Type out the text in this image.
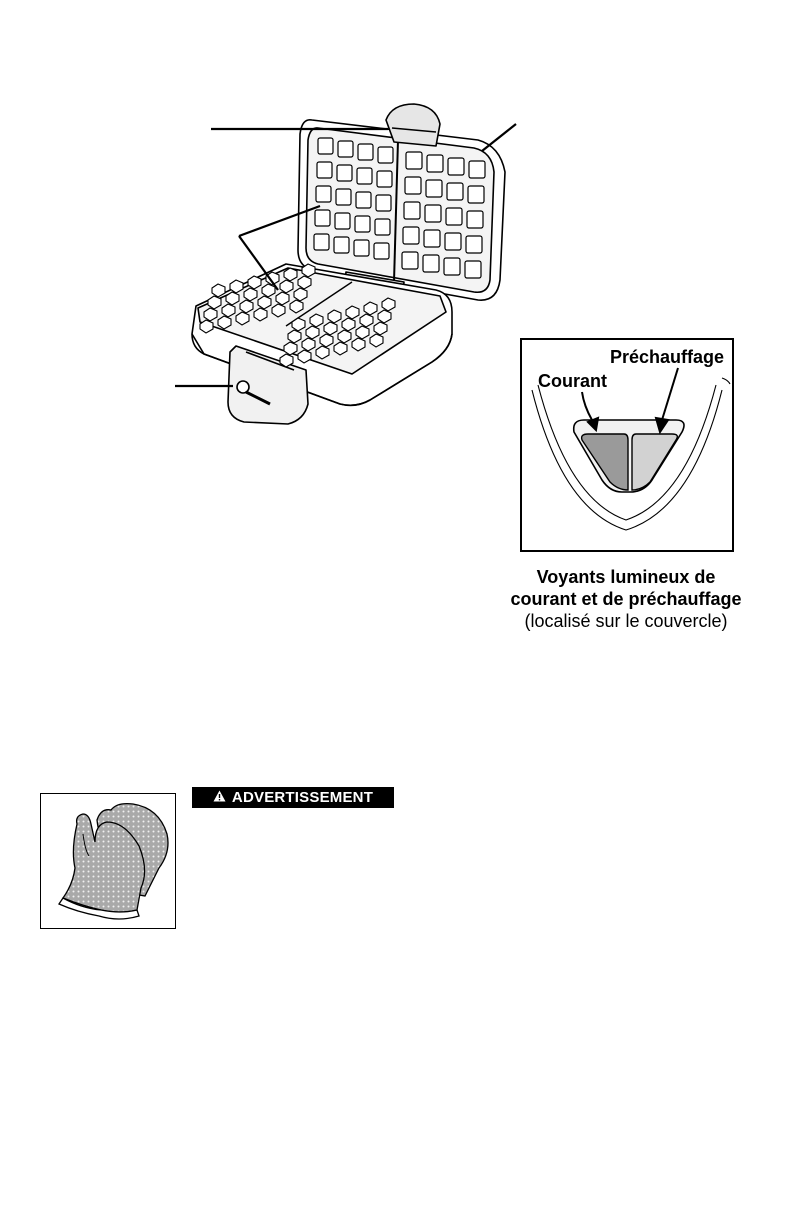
Préchauffage
Courant
Voyants lumineux de
courant et de préchauffage
(localisé sur le couvercle)
ADVERTISSEMENT
